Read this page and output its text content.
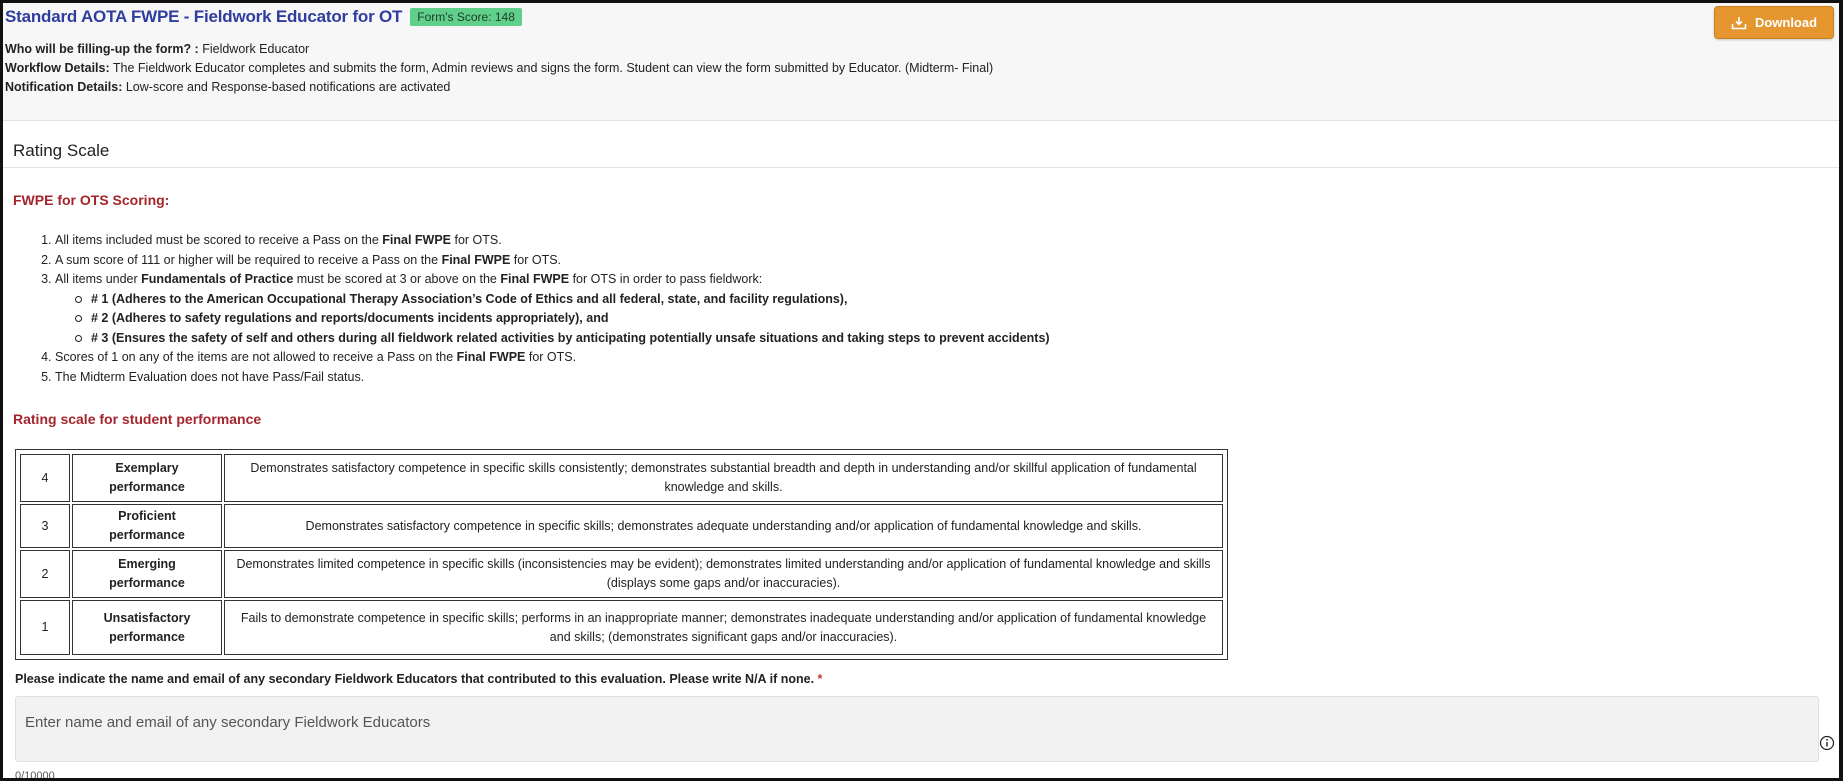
Standard AOTA FWPE - Fieldwork Educator for OT	Form's Score: 148	Download
Who will be filling-up the form? : Fieldwork Educator
Workflow Details: The Fieldwork Educator completes and submits the form, Admin reviews and signs the form. Student can view the form submitted by Educator. (Midterm- Final)
Notification Details: Low-score and Response-based notifications are activated
Rating Scale
FWPE for OTS Scoring:
1. All items included must be scored to receive a Pass on the Final FWPE for OTS.
2. A sum score of 111 or higher will be required to receive a Pass on the Final FWPE for OTS.
3. All items under Fundamentals of Practice must be scored at 3 or above on the Final FWPE for OTS in order to pass fieldwork:
# 1 (Adheres to the American Occupational Therapy Association’s Code of Ethics and all federal, state, and facility regulations),
# 2 (Adheres to safety regulations and reports/documents incidents appropriately), and
# 3 (Ensures the safety of self and others during all fieldwork related activities by anticipating potentially unsafe situations and taking steps to prevent accidents)
4. Scores of 1 on any of the items are not allowed to receive a Pass on the Final FWPE for OTS.
5. The Midterm Evaluation does not have Pass/Fail status.
Rating scale for student performance
4	Exemplary performance	Demonstrates satisfactory competence in specific skills consistently; demonstrates substantial breadth and depth in understanding and/or skillful application of fundamental knowledge and skills.
3	Proficient performance	Demonstrates satisfactory competence in specific skills; demonstrates adequate understanding and/or application of fundamental knowledge and skills.
2	Emerging performance	Demonstrates limited competence in specific skills (inconsistencies may be evident); demonstrates limited understanding and/or application of fundamental knowledge and skills (displays some gaps and/or inaccuracies).
1	Unsatisfactory performance	Fails to demonstrate competence in specific skills; performs in an inappropriate manner; demonstrates inadequate understanding and/or application of fundamental knowledge and skills; (demonstrates significant gaps and/or inaccuracies).
Please indicate the name and email of any secondary Fieldwork Educators that contributed to this evaluation. Please write N/A if none. *
Enter name and email of any secondary Fieldwork Educators
0/10000
